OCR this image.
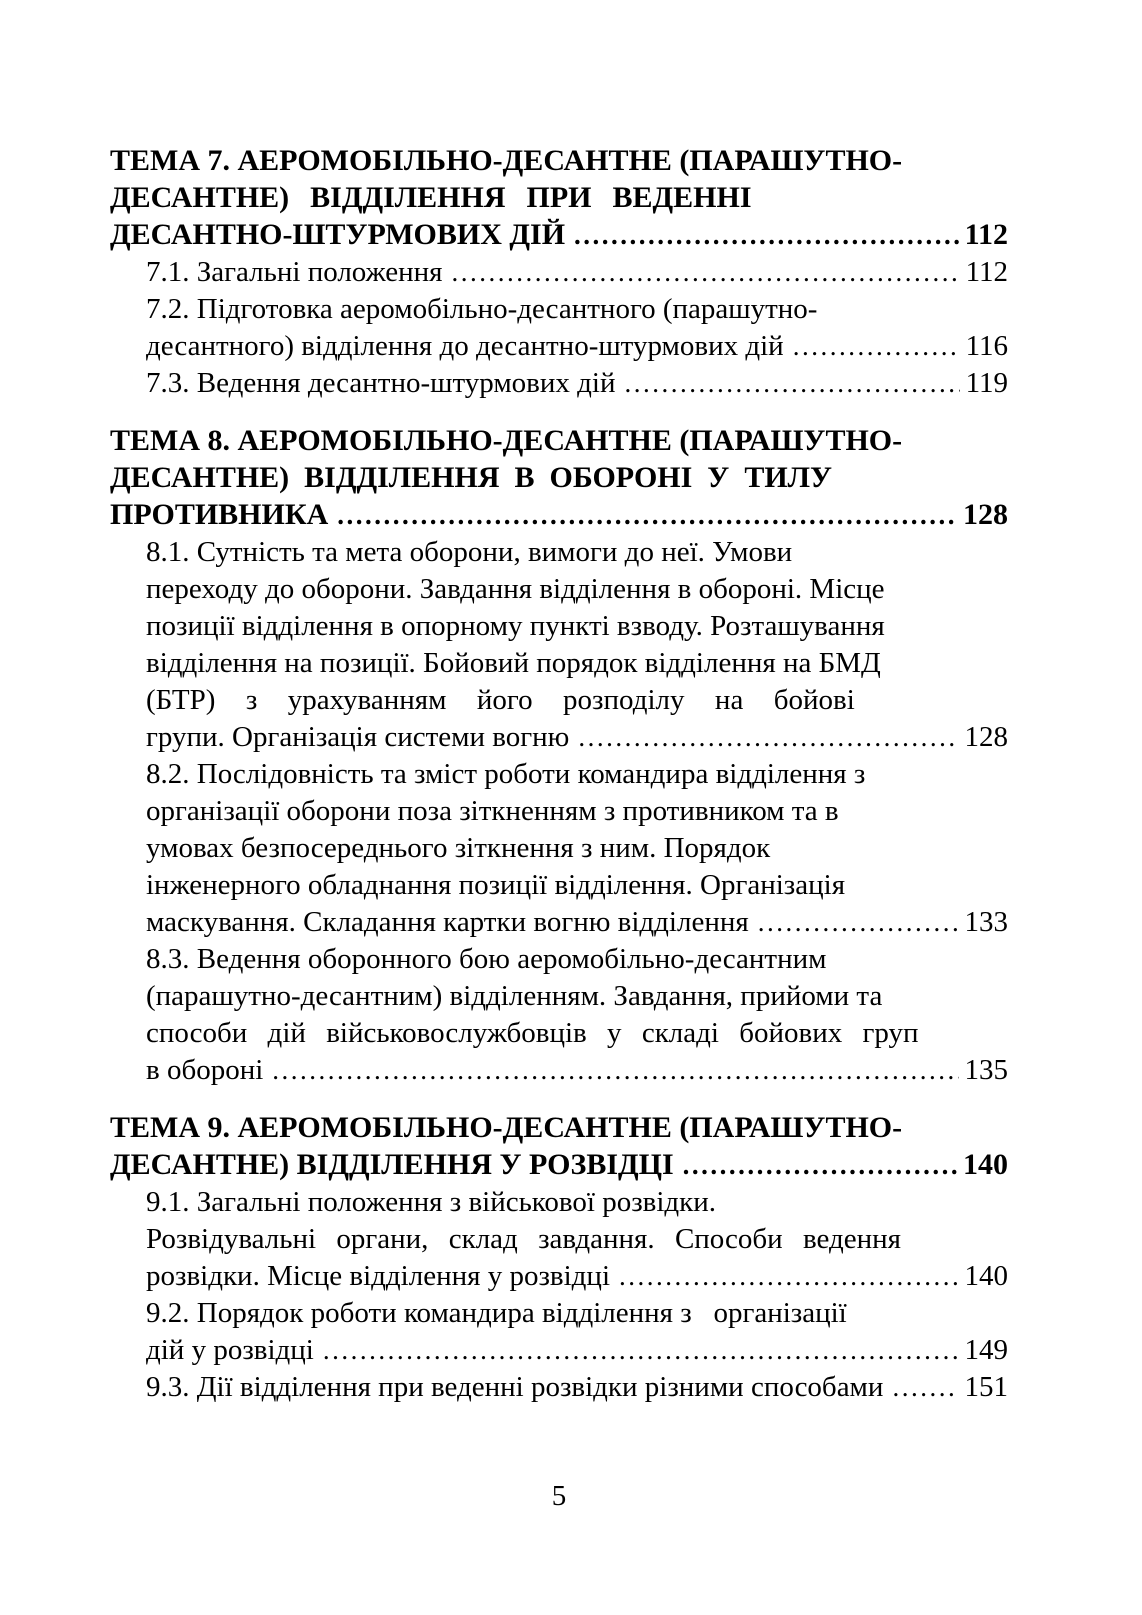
ТЕМА 7. АЕРОМОБІЛЬНО-ДЕСАНТНЕ (ПАРАШУТНО-
ДЕСАНТНЕ) ВІДДІЛЕННЯ ПРИ ВЕДЕННІ
ДЕСАНТНО-ШТУРМОВИХ ДІЙ .....	112
7.1. Загальні положення .....	112
7.2. Підготовка аеромобільно-десантного (парашутно-
десантного) відділення до десантно-штурмових дій .....	116
7.3. Ведення десантно-штурмових дій .....	119
ТЕМА 8. АЕРОМОБІЛЬНО-ДЕСАНТНЕ (ПАРАШУТНО-
ДЕСАНТНЕ) ВІДДІЛЕННЯ В ОБОРОНІ У ТИЛУ
ПРОТИВНИКА .....	128
8.1. Сутність та мета оборони, вимоги до неї. Умови
переходу до оборони. Завдання відділення в обороні. Місце
позиції відділення в опорному пункті взводу. Розташування
відділення на позиції. Бойовий порядок відділення на БМД
(БТР) з урахуванням його розподілу на бойові
групи. Організація системи вогню .....	128
8.2. Послідовність та зміст роботи командира відділення з
організації оборони поза зіткненням з противником та в
умовах безпосереднього зіткнення з ним. Порядок
інженерного обладнання позиції відділення. Організація
маскування. Складання картки вогню відділення .....	133
8.3. Ведення оборонного бою аеромобільно-десантним
(парашутно-десантним) відділенням. Завдання, прийоми та
способи дій військовослужбовців у складі бойових груп
в обороні .....	135
ТЕМА 9. АЕРОМОБІЛЬНО-ДЕСАНТНЕ (ПАРАШУТНО-
ДЕСАНТНЕ) ВІДДІЛЕННЯ У РОЗВІДЦІ .....	140
9.1. Загальні положення з військової розвідки.
Розвідувальні органи, склад завдання. Способи ведення
розвідки. Місце відділення у розвідці .....	140
9.2. Порядок роботи командира відділення з   організації
дій у розвідці .....	149
9.3. Дії відділення при веденні розвідки різними способами .....	151
5
